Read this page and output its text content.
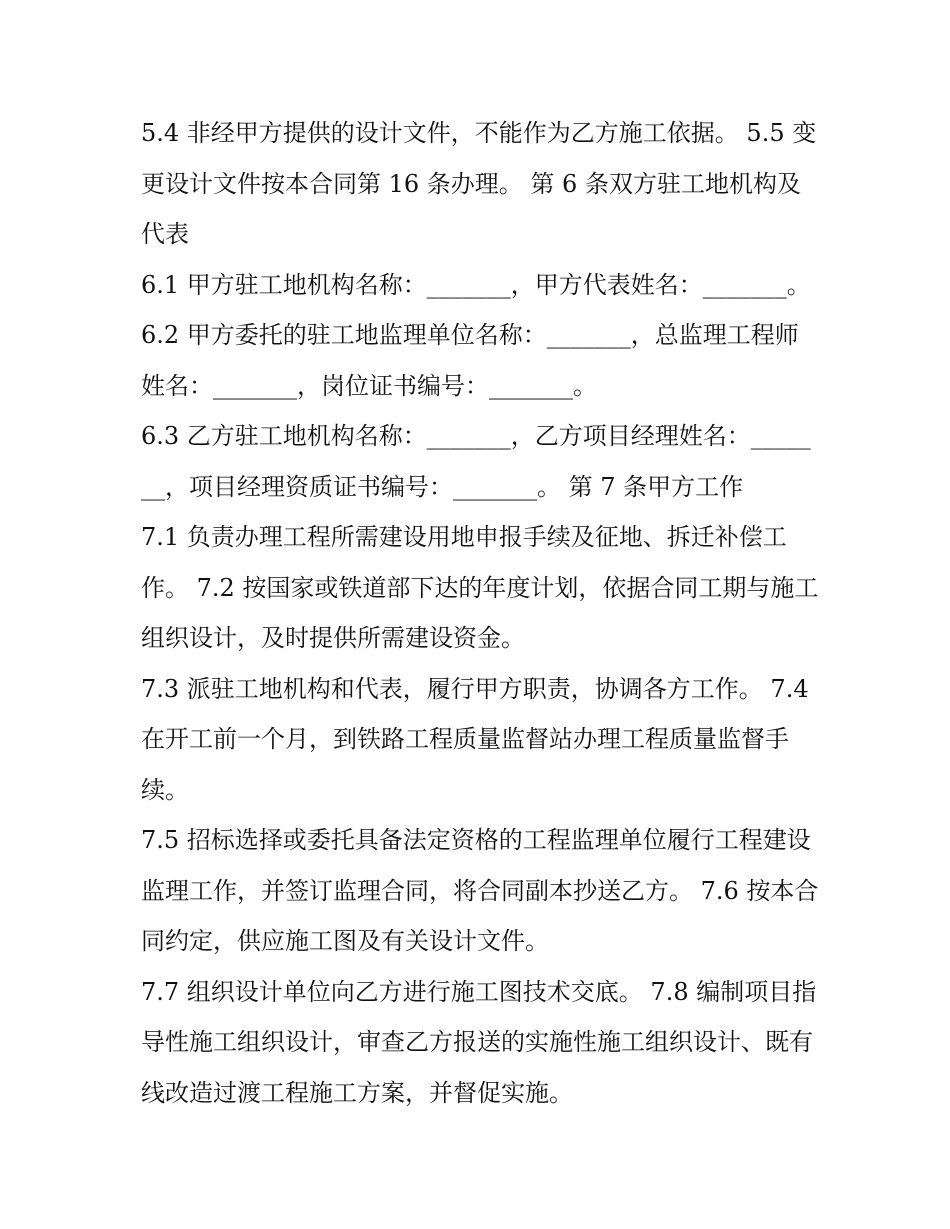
5.4 非经甲方提供的设计文件，不能作为乙方施工依据。 5.5 变更设计文件按本合同第 16 条办理。 第 6 条双方驻工地机构及代表

6.1 甲方驻工地机构名称：_______，甲方代表姓名：_______。

6.2 甲方委托的驻工地监理单位名称：_______，总监理工程师姓名：_______，岗位证书编号：_______。

6.3 乙方驻工地机构名称：_______，乙方项目经理姓名：_______，项目经理资质证书编号：_______。 第 7 条甲方工作

7.1 负责办理工程所需建设用地申报手续及征地、拆迁补偿工作。 7.2 按国家或铁道部下达的年度计划，依据合同工期与施工组织设计，及时提供所需建设资金。

7.3 派驻工地机构和代表，履行甲方职责，协调各方工作。 7.4 在开工前一个月，到铁路工程质量监督站办理工程质量监督手续。

7.5 招标选择或委托具备法定资格的工程监理单位履行工程建设监理工作，并签订监理合同，将合同副本抄送乙方。 7.6 按本合同约定，供应施工图及有关设计文件。

7.7 组织设计单位向乙方进行施工图技术交底。 7.8 编制项目指导性施工组织设计，审查乙方报送的实施性施工组织设计、既有线改造过渡工程施工方案，并督促实施。
